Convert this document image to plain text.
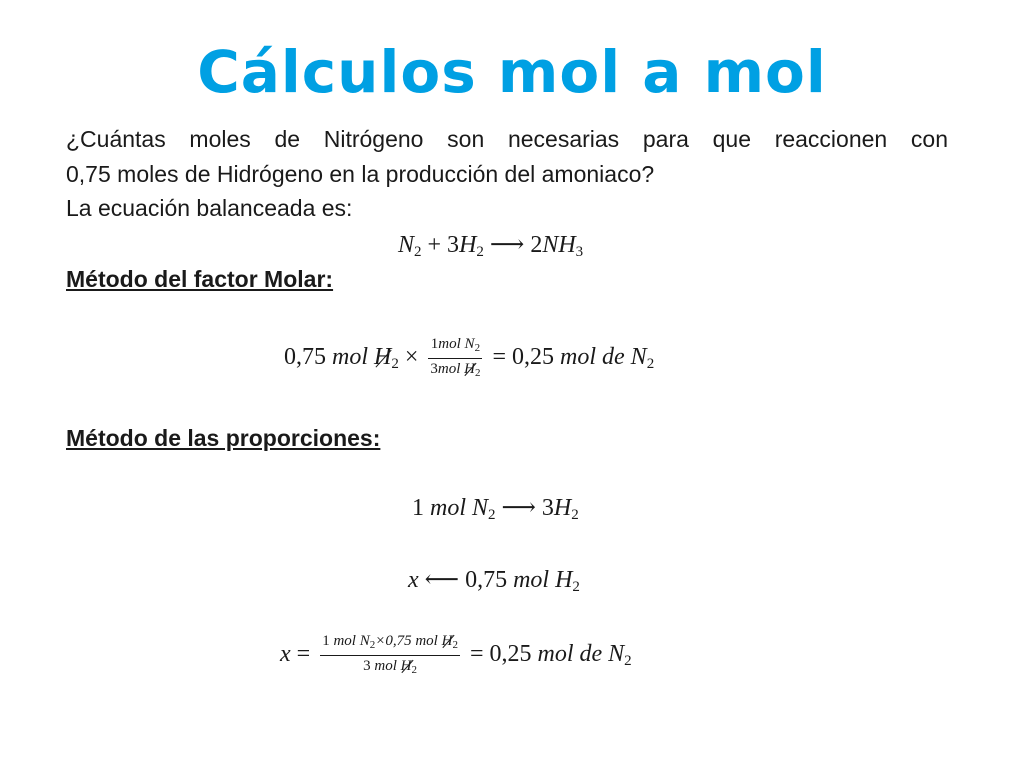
Cálculos mol a mol
¿Cuántas moles de Nitrógeno son necesarias para que reaccionen con
0,75 moles de Hidrógeno en la producción del amoniaco?
La ecuación balanceada es:
$N_2 + 3H_2$ ⟶ $2NH_3$
Método del factor Molar:
0,75 mol $H_2 \times \frac{1mol N_2}{3mol H_2} = 0,25$ mol de $N_2$
Método de las proporciones:
1 mol $N_2$ ⟶ $3H_2$
x ⟵ 0,75 mol $H_2$
$x = \frac{1 mol N_2\times 0,75 mol H_2}{3 mol H_2} = 0,25$ mol de $N_2$
